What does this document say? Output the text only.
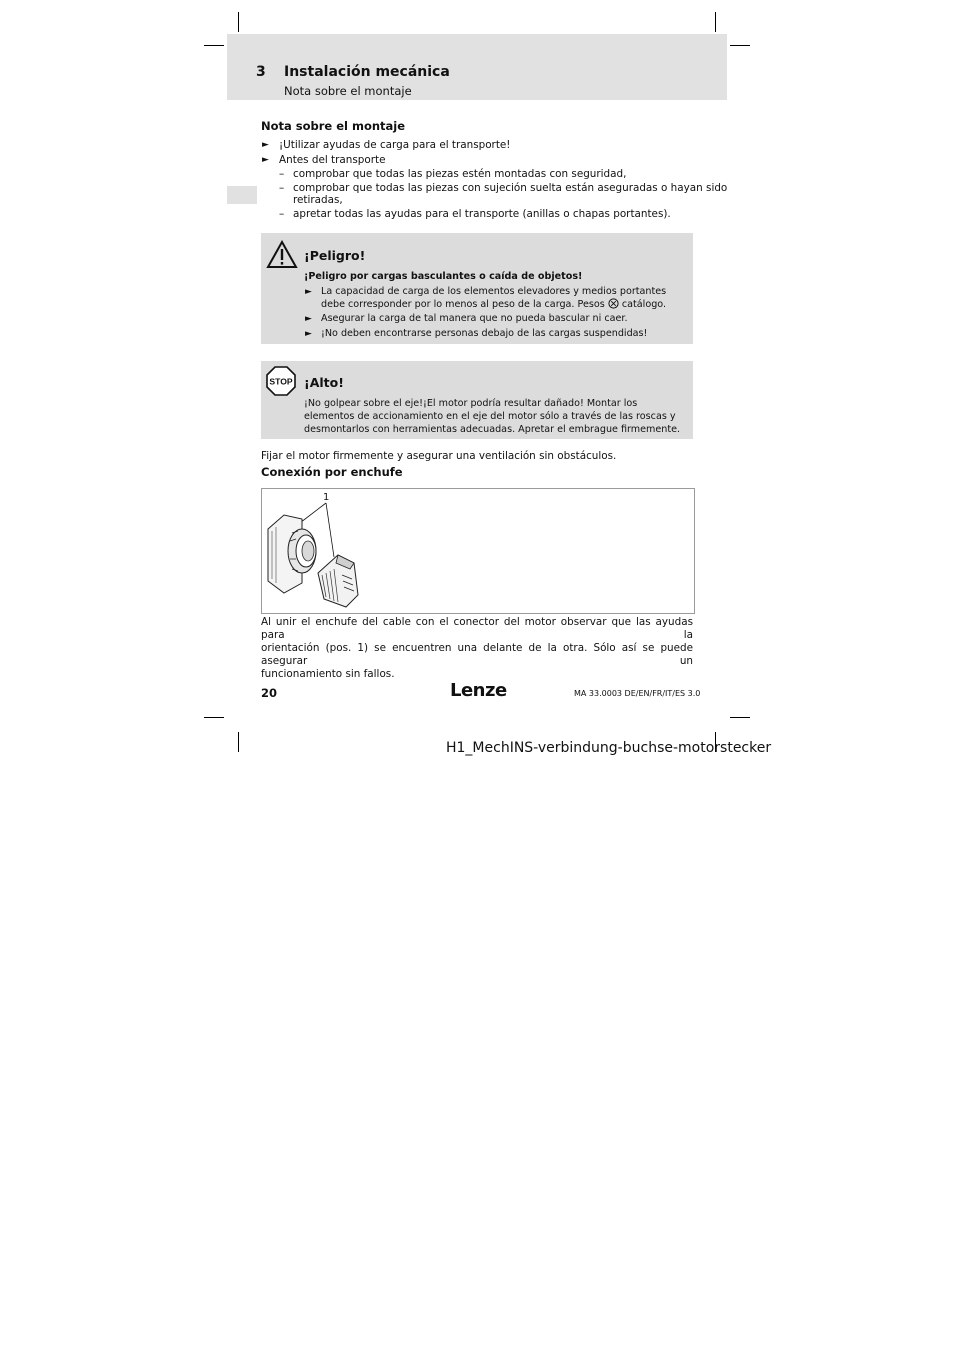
3 Instalación mecánica
Nota sobre el montaje
Nota sobre el montaje
► ¡Utilizar ayudas de carga para el transporte!
► Antes del transporte
– comprobar que todas las piezas estén montadas con seguridad,
– comprobar que todas las piezas con sujeción suelta están aseguradas o hayan sido
retiradas,
– apretar todas las ayudas para el transporte (anillas o chapas portantes).
¡Peligro!
¡Peligro por cargas basculantes o caída de objetos!
► La capacidad de carga de los elementos elevadores y medios portantes
debe corresponder por lo menos al peso de la carga. Pesos catálogo.
► Asegurar la carga de tal manera que no pueda bascular ni caer.
► ¡No deben encontrarse personas debajo de las cargas suspendidas!
STOP ¡Alto!
¡No golpear sobre el eje!¡El motor podría resultar dañado! Montar los
elementos de accionamiento en el eje del motor sólo a través de las roscas y
desmontarlos con herramientas adecuadas. Apretar el embrague firmemente.
Fijar el motor firmemente y asegurar una ventilación sin obstáculos.
Conexión por enchufe
1
Al unir el enchufe del cable con el conector del motor observar que las ayudas para la
orientación (pos. 1) se encuentren una delante de la otra. Sólo así se puede asegurar un
funcionamiento sin fallos.
20	Lenze	MA 33.0003 DE/EN/FR/IT/ES 3.0
H1_MechINS-verbindung-buchse-motorstecker
